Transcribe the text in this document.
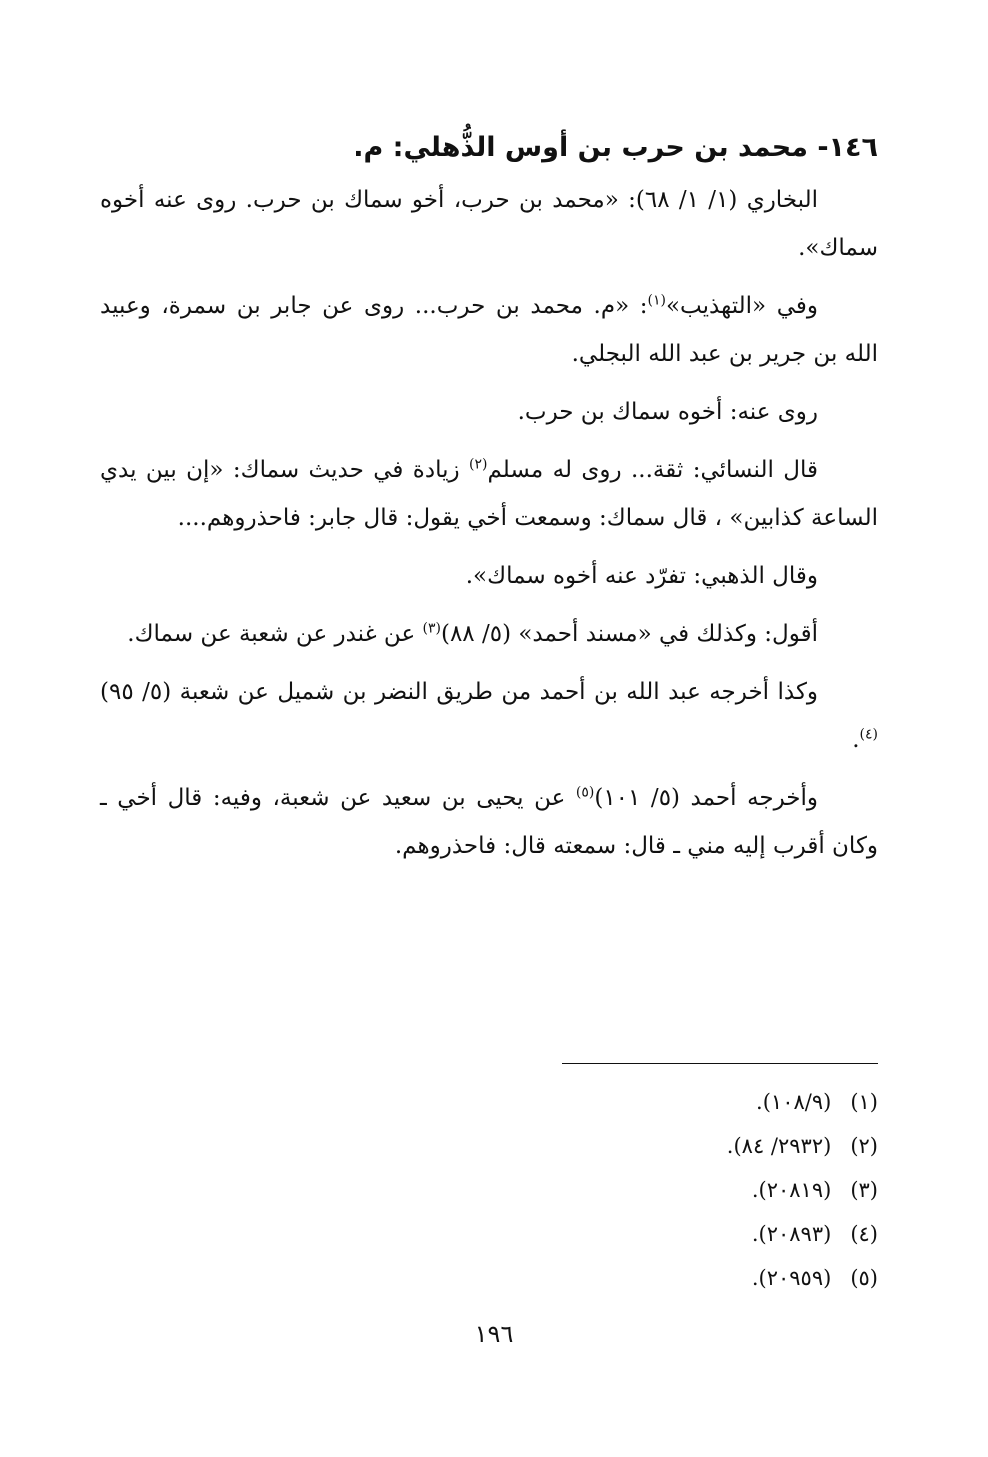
١٤٦- محمد بن حرب بن أوس الذُّهلي: م.

البخاري (١/ ١/ ٦٨): «محمد بن حرب، أخو سماك بن حرب. روى عنه أخوه سماك».

وفي «التهذيب»$^{(١)}$: «م. محمد بن حرب... روى عن جابر بن سمرة، وعبيد الله بن جرير بن عبد الله البجلي.

روى عنه: أخوه سماك بن حرب.

قال النسائي: ثقة... روى له مسلم$^{(٢)}$ زيادة في حديث سماك: «إن بين يدي الساعة كذابين» ، قال سماك: وسمعت أخي يقول: قال جابر: فاحذروهم....

وقال الذهبي: تفرّد عنه أخوه سماك».

أقول: وكذلك في «مسند أحمد» (٥/ ٨٨)$^{(٣)}$ عن غندر عن شعبة عن سماك.

وكذا أخرجه عبد الله بن أحمد من طريق النضر بن شميل عن شعبة (٥/ ٩٥)$^{(٤)}$.

وأخرجه أحمد (٥/ ١٠١)$^{(٥)}$ عن يحيى بن سعيد عن شعبة، وفيه: قال أخي ـ وكان أقرب إليه مني ـ قال: سمعته قال: فاحذروهم.

(١) (١٠٨/٩).

(٢) (٢٩٣٢/ ٨٤).

(٣) (٢٠٨١٩).

(٤) (٢٠٨٩٣).

(٥) (٢٠٩٥٩).

١٩٦
